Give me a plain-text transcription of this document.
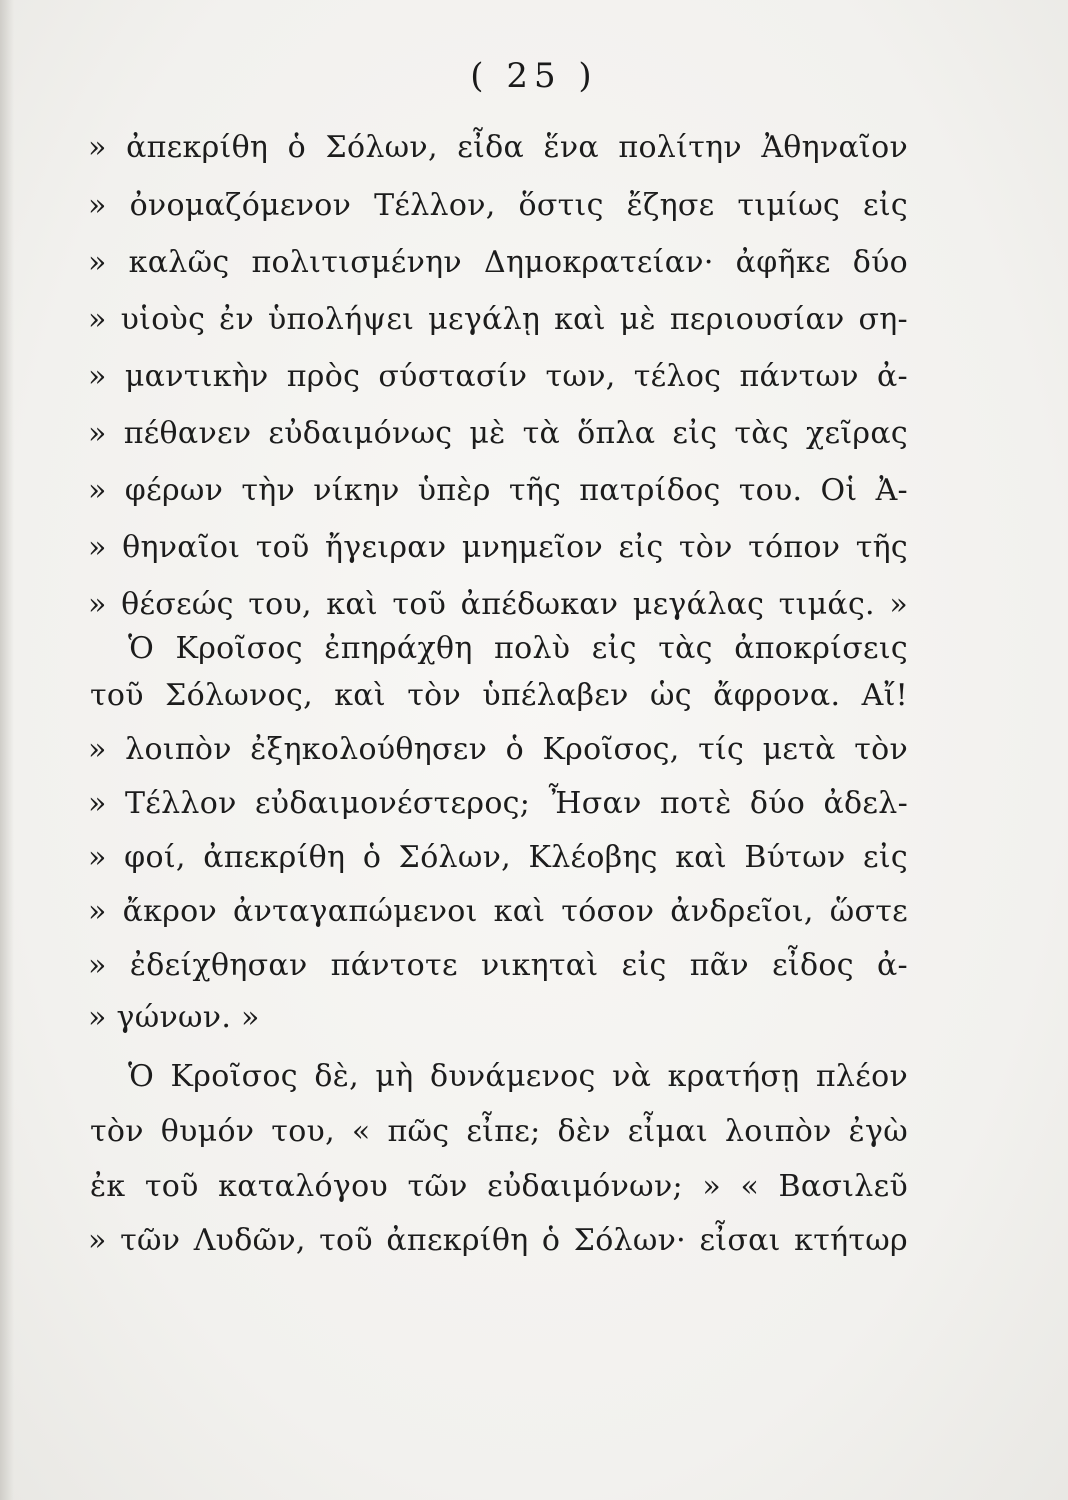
( 25 )
» ἀπεκρίθη ὁ Σόλων, εἶδα ἕνα πολίτην Ἀθηναῖον
» ὀνομαζόμενον Τέλλον, ὅστις ἔζησε τιμίως εἰς
» καλῶς πολιτισμένην Δημοκρατείαν· ἀφῆκε δύο
» υἱοὺς ἐν ὑπολήψει μεγάλῃ καὶ μὲ περιουσίαν ση-
» μαντικὴν πρὸς σύστασίν των, τέλος πάντων ἀ-
» πέθανεν εὐδαιμόνως μὲ τὰ ὅπλα εἰς τὰς χεῖρας
» φέρων τὴν νίκην ὑπὲρ τῆς πατρίδος του. Οἱ Ἀ-
» θηναῖοι τοῦ ἤγειραν μνημεῖον εἰς τὸν τόπον τῆς
» θέσεώς του, καὶ τοῦ ἀπέδωκαν μεγάλας τιμάς. »
Ὁ Κροῖσος ἐπηράχθη πολὺ εἰς τὰς ἀποκρίσεις
τοῦ Σόλωνος, καὶ τὸν ὑπέλαβεν ὡς ἄφρονα. Αἴ!
» λοιπὸν ἐξηκολούθησεν ὁ Κροῖσος, τίς μετὰ τὸν
» Τέλλον εὐδαιμονέστερος; Ἦσαν ποτὲ δύο ἀδελ-
» φοί, ἀπεκρίθη ὁ Σόλων, Κλέοβης καὶ Βύτων εἰς
» ἄκρον ἀνταγαπώμενοι καὶ τόσον ἀνδρεῖοι, ὥστε
» ἐδείχθησαν πάντοτε νικηταὶ εἰς πᾶν εἶδος ἀ-
» γώνων. »
Ὁ Κροῖσος δὲ, μὴ δυνάμενος νὰ κρατήσῃ πλέον
τὸν θυμόν του, « πῶς εἶπε; δὲν εἶμαι λοιπὸν ἐγὼ
ἐκ τοῦ καταλόγου τῶν εὐδαιμόνων; » « Βασιλεῦ
» τῶν Λυδῶν, τοῦ ἀπεκρίθη ὁ Σόλων· εἶσαι κτήτωρ
